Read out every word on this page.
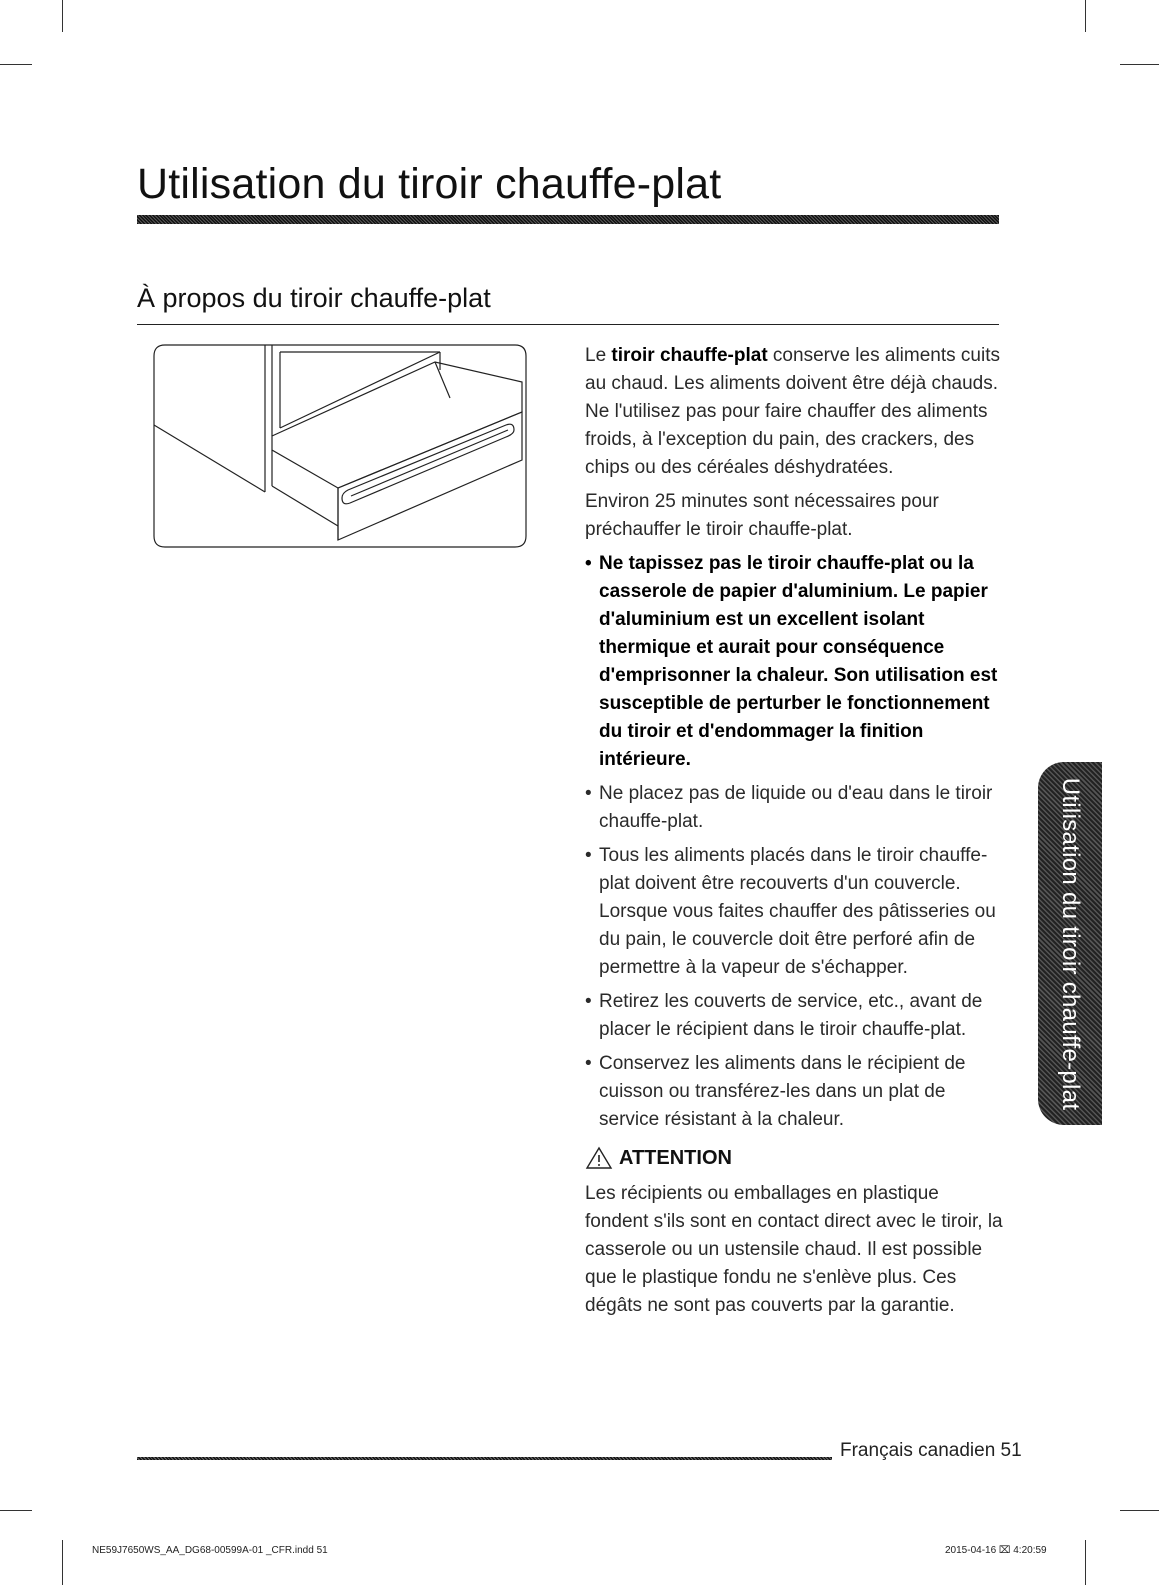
Utilisation du tiroir chauffe-plat
À propos du tiroir chauffe-plat

Le tiroir chauffe-plat conserve les aliments cuits au chaud. Les aliments doivent être déjà chauds. Ne l'utilisez pas pour faire chauffer des aliments froids, à l'exception du pain, des crackers, des chips ou des céréales déshydratées.

Environ 25 minutes sont nécessaires pour préchauffer le tiroir chauffe-plat.

• Ne tapissez pas le tiroir chauffe-plat ou la casserole de papier d'aluminium. Le papier d'aluminium est un excellent isolant thermique et aurait pour conséquence d'emprisonner la chaleur. Son utilisation est susceptible de perturber le fonctionnement du tiroir et d'endommager la finition intérieure.
• Ne placez pas de liquide ou d'eau dans le tiroir chauffe-plat.
• Tous les aliments placés dans le tiroir chauffe-plat doivent être recouverts d'un couvercle. Lorsque vous faites chauffer des pâtisseries ou du pain, le couvercle doit être perforé afin de permettre à la vapeur de s'échapper.
• Retirez les couverts de service, etc., avant de placer le récipient dans le tiroir chauffe-plat.
• Conservez les aliments dans le récipient de cuisson ou transférez-les dans un plat de service résistant à la chaleur.
ATTENTION

Les récipients ou emballages en plastique fondent s'ils sont en contact direct avec le tiroir, la casserole ou un ustensile chaud. Il est possible que le plastique fondu ne s'enlève plus. Ces dégâts ne sont pas couverts par la garantie.

Utilisation du tiroir chauffe-plat
Français canadien 51
NE59J7650WS_AA_DG68-00599A-01 _CFR.indd 51	2015-04-16 ⌧ 4:20:59
